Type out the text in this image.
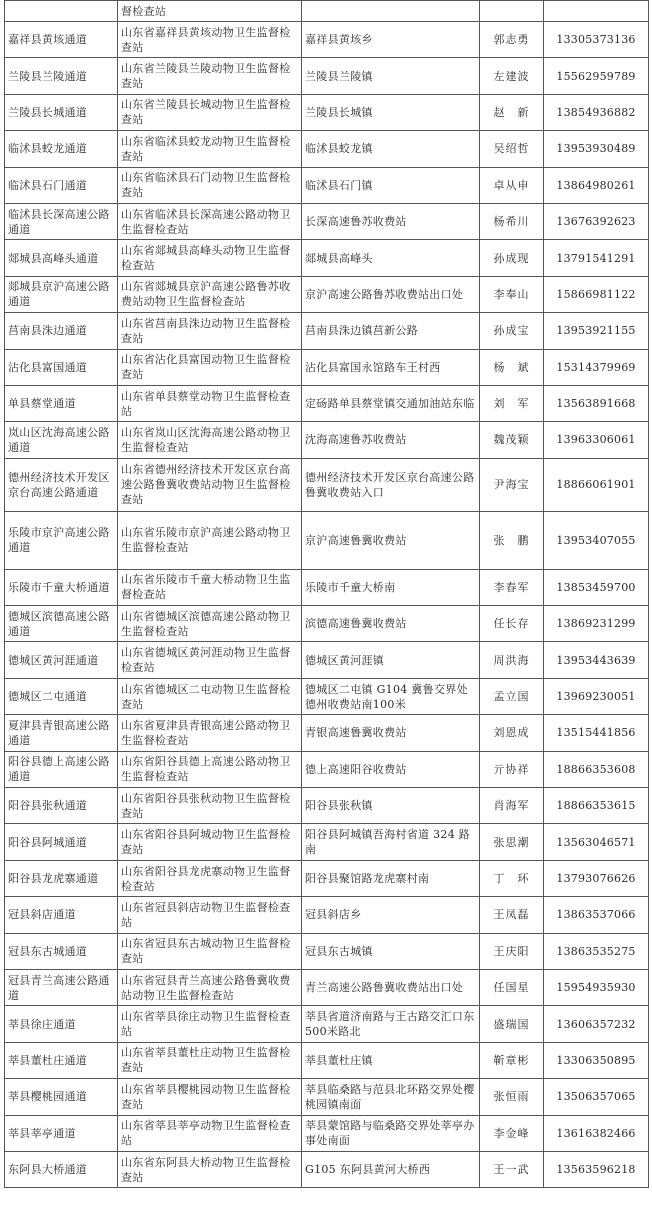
	督检查站			
嘉祥县黄垓通道	山东省嘉祥县黄垓动物卫生监督检查站	嘉祥县黄垓乡	郭志勇	13305373136
兰陵县兰陵通道	山东省兰陵县兰陵动物卫生监督检查站	兰陵县兰陵镇	左建波	15562959789
兰陵县长城通道	山东省兰陵县长城动物卫生监督检查站	兰陵县长城镇	赵　新	13854936882
临沭县蛟龙通道	山东省临沭县蛟龙动物卫生监督检查站	临沭县蛟龙镇	吴绍哲	13953930489
临沭县石门通道	山东省临沭县石门动物卫生监督检查站	临沭县石门镇	卓从申	13864980261
临沭县长深高速公路通道	山东省临沭县长深高速公路动物卫生监督检查站	长深高速鲁苏收费站	杨希川	13676392623
郯城县高峰头通道	山东省郯城县高峰头动物卫生监督检查站	郯城县高峰头	孙成现	13791541291
郯城县京沪高速公路通道	山东省郯城县京沪高速公路鲁苏收费站动物卫生监督检查站	京沪高速公路鲁苏收费站出口处	李奉山	15866981122
莒南县洙边通道	山东省莒南县洙边动物卫生监督检查站	莒南县洙边镇莒新公路	孙成宝	13953921155
沾化县富国通道	山东省沾化县富国动物卫生监督检查站	沾化县富国永馆路车王村西	杨　斌	15314379969
单县蔡堂通道	山东省单县蔡堂动物卫生监督检查站	定砀路单县蔡堂镇交通加油站东临	刘　军	13563891668
岚山区沈海高速公路通道	山东省岚山区沈海高速公路动物卫生监督检查站	沈海高速鲁苏收费站	魏茂颖	13963306061
德州经济技术开发区京台高速公路通道	山东省德州经济技术开发区京台高速公路鲁冀收费站动物卫生监督检查站	德州经济技术开发区京台高速公路鲁冀收费站入口	尹海宝	18866061901
乐陵市京沪高速公路通道	山东省乐陵市京沪高速公路动物卫生监督检查站	京沪高速鲁冀收费站	张　鹏	13953407055
乐陵市千童大桥通道	山东省乐陵市千童大桥动物卫生监督检查站	乐陵市千童大桥南	李春军	13853459700
德城区滨德高速公路通道	山东省德城区滨德高速公路动物卫生监督检查站	滨德高速鲁冀收费站	任长存	13869231299
德城区黄河涯通道	山东省德城区黄河涯动物卫生监督检查站	德城区黄河涯镇	周洪海	13953443639
德城区二屯通道	山东省德城区二屯动物卫生监督检查站	德城区二屯镇 G104 冀鲁交界处德州收费站南100米	孟立国	13969230051
夏津县青银高速公路通道	山东省夏津县青银高速公路动物卫生监督检查站	青银高速鲁冀收费站	刘恩成	13515441856
阳谷县德上高速公路通道	山东省阳谷县德上高速公路动物卫生监督检查站	德上高速阳谷收费站	亓协祥	18866353608
阳谷县张秋通道	山东省阳谷县张秋动物卫生监督检查站	阳谷县张秋镇	肖海军	18866353615
阳谷县阿城通道	山东省阳谷县阿城动物卫生监督检查站	阳谷县阿城镇吾海村省道 324 路南	张思潮	13563046571
阳谷县龙虎寨通道	山东省阳谷县龙虎寨动物卫生监督检查站	阳谷县聚馆路龙虎寨村南	丁　环	13793076626
冠县斜店通道	山东省冠县斜店动物卫生监督检查站	冠县斜店乡	王凤磊	13863537066
冠县东古城通道	山东省冠县东古城动物卫生监督检查站	冠县东古城镇	王庆阳	13863535275
冠县青兰高速公路通道	山东省冠县青兰高速公路鲁冀收费站动物卫生监督检查站	青兰高速公路鲁冀收费站出口处	任国星	15954935930
莘县徐庄通道	山东省莘县徐庄动物卫生监督检查站	莘县省道济南路与王古路交汇口东500米路北	盛瑞国	13606357232
莘县董杜庄通道	山东省莘县董杜庄动物卫生监督检查站	莘县董杜庄镇	靳章彬	13306350895
莘县樱桃园通道	山东省莘县樱桃园动物卫生监督检查站	莘县临桑路与范县北环路交界处樱桃园镇南面	张恒雨	13506357065
莘县莘亭通道	山东省莘县莘亭动物卫生监督检查站	莘县蒙馆路与临桑路交界处莘亭办事处南面	李金峰	13616382466
东阿县大桥通道	山东省东阿县大桥动物卫生监督检查站	G105 东阿县黄河大桥西	王一武	13563596218
